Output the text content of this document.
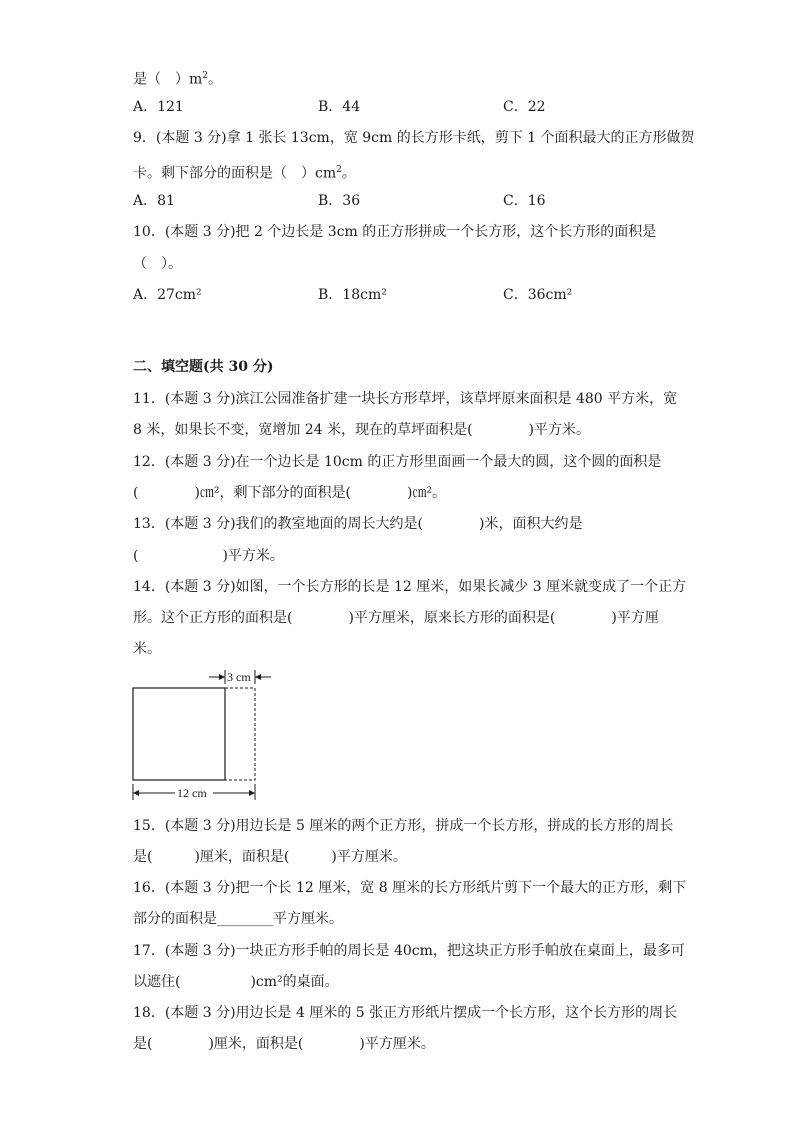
是（　）$m^2$。
A．121	B．44	C．22
9．(本题 3 分)拿 1 张长 13cm，宽 9cm 的长方形卡纸，剪下 1 个面积最大的正方形做贺
卡。剩下部分的面积是（　）$cm^2$。
A．81	B．36	C．16
10．(本题 3 分)把 2 个边长是 3cm 的正方形拼成一个长方形，这个长方形的面积是
（　）。
A．27cm²	B．18cm²	C．36cm²
二、填空题(共 30 分)
11．(本题 3 分)滨江公园准备扩建一块长方形草坪，该草坪原来面积是 480 平方米，宽
8 米，如果长不变，宽增加 24 米，现在的草坪面积是(　　　　)平方米。
12．(本题 3 分)在一个边长是 10cm 的正方形里面画一个最大的圆，这个圆的面积是
(　　　　)㎝²，剩下部分的面积是(　　　　)㎝²。
13．(本题 3 分)我们的教室地面的周长大约是(　　　　)米，面积大约是
(　　　　　　)平方米。
14．(本题 3 分)如图，一个长方形的长是 12 厘米，如果长减少 3 厘米就变成了一个正方
形。这个正方形的面积是(　　　　)平方厘米，原来长方形的面积是(　　　　)平方厘
米。
3 cm
12 cm
15．(本题 3 分)用边长是 5 厘米的两个正方形，拼成一个长方形，拼成的长方形的周长
是(　　　)厘米，面积是(　　　)平方厘米。
16．(本题 3 分)把一个长 12 厘米，宽 8 厘米的长方形纸片剪下一个最大的正方形，剩下
部分的面积是________平方厘米。
17．(本题 3 分)一块正方形手帕的周长是 40cm，把这块正方形手帕放在桌面上，最多可
以遮住(　　　　　)cm²的桌面。
18．(本题 3 分)用边长是 4 厘米的 5 张正方形纸片摆成一个长方形，这个长方形的周长
是(　　　　)厘米，面积是(　　　　)平方厘米。
